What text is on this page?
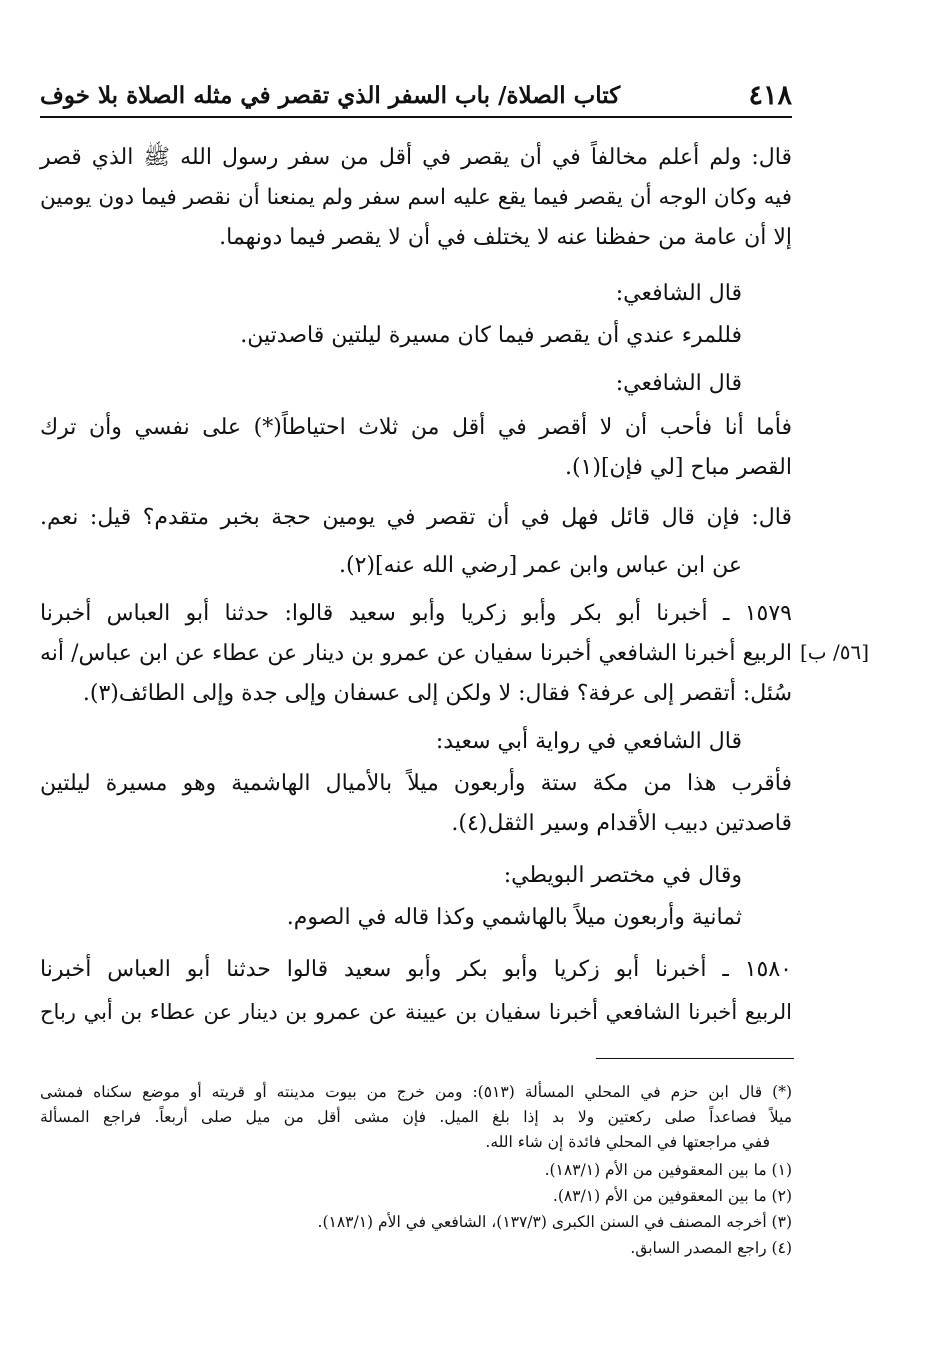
٤١٨
كتاب الصلاة/ باب السفر الذي تقصر في مثله الصلاة بلا خوف
قال: ولم أعلم مخالفاً في أن يقصر في أقل من سفر رسول الله ﷺ الذي قصر
فيه وكان الوجه أن يقصر فيما يقع عليه اسم سفر ولم يمنعنا أن نقصر فيما دون يومين
إلا أن عامة من حفظنا عنه لا يختلف في أن لا يقصر فيما دونهما.
قال الشافعي:
فللمرء عندي أن يقصر فيما كان مسيرة ليلتين قاصدتين.
قال الشافعي:
فأما أنا فأحب أن لا أقصر في أقل من ثلاث احتياطاً(*) على نفسي وأن ترك
القصر مباح [لي فإن](١).
قال: فإن قال قائل فهل في أن تقصر في يومين حجة بخبر متقدم؟ قيل: نعم.
عن ابن عباس وابن عمر [رضي الله عنه](٢).
١٥٧٩ ـ أخبرنا أبو بكر وأبو زكريا وأبو سعيد قالوا: حدثنا أبو العباس أخبرنا
الربيع أخبرنا الشافعي أخبرنا سفيان عن عمرو بن دينار عن عطاء عن ابن عباس/ أنه
سُئل: أتقصر إلى عرفة؟ فقال: لا ولكن إلى عسفان وإلى جدة وإلى الطائف(٣).
قال الشافعي في رواية أبي سعيد:
فأقرب هذا من مكة ستة وأربعون ميلاً بالأميال الهاشمية وهو مسيرة ليلتين
قاصدتين دبيب الأقدام وسير الثقل(٤).
وقال في مختصر البويطي:
ثمانية وأربعون ميلاً بالهاشمي وكذا قاله في الصوم.
١٥٨٠ ـ أخبرنا أبو زكريا وأبو بكر وأبو سعيد قالوا حدثنا أبو العباس أخبرنا
الربيع أخبرنا الشافعي أخبرنا سفيان بن عيينة عن عمرو بن دينار عن عطاء بن أبي رباح
[٥٦/ ب]
(*) قال ابن حزم في المحلي المسألة (٥١٣): ومن خرج من بيوت مدينته أو قريته أو موضع سكناه فمشى
ميلاً فصاعداً صلى ركعتين ولا بد إذا بلغ الميل. فإن مشى أقل من ميل صلى أربعاً. فراجع المسألة
ففي مراجعتها في المحلي فائدة إن شاء الله.
(١) ما بين المعقوفين من الأم (١٨٣/١).
(٢) ما بين المعقوفين من الأم (٨٣/١).
(٣) أخرجه المصنف في السنن الكبرى (١٣٧/٣)، الشافعي في الأم (١٨٣/١).
(٤) راجع المصدر السابق.
